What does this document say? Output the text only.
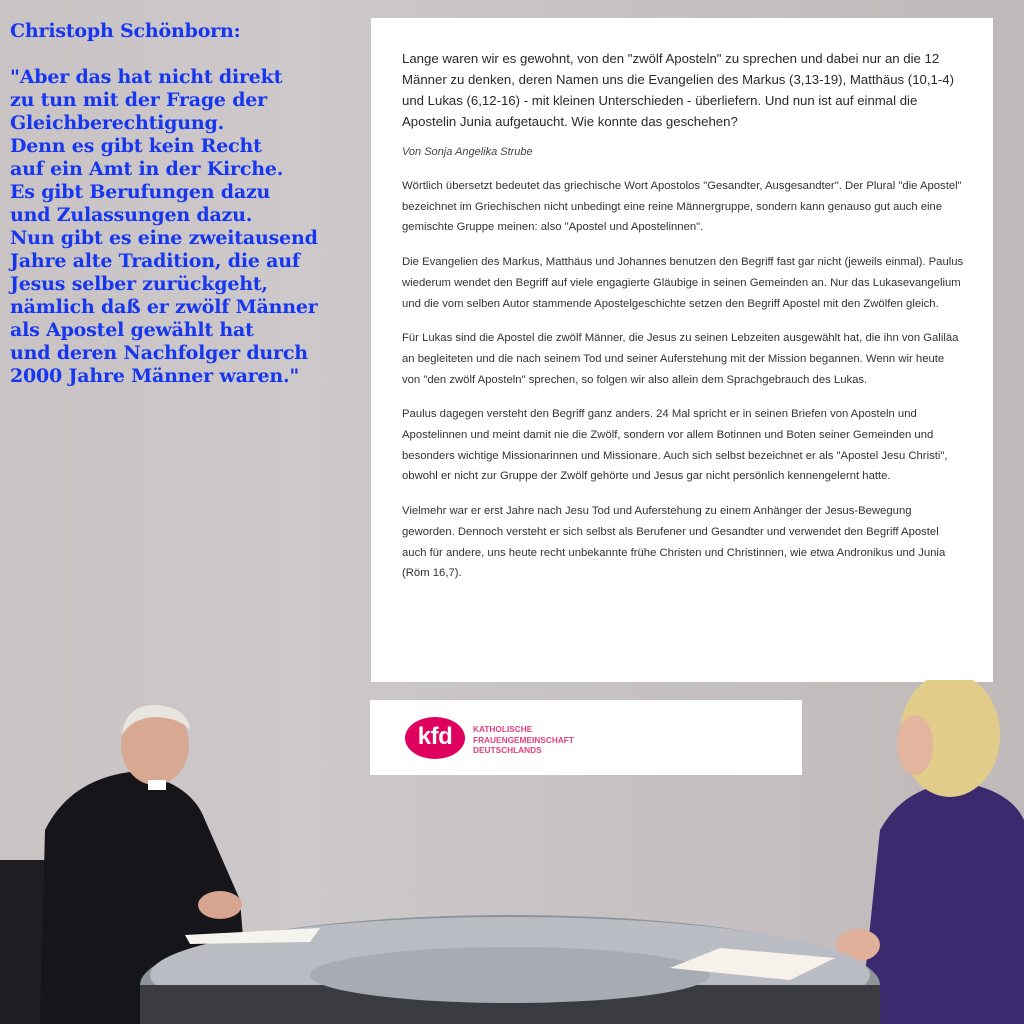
Christoph Schönborn:
"Aber das hat nicht direkt
zu tun mit der Frage der
Gleichberechtigung.
Denn es gibt kein Recht
auf ein Amt in der Kirche.
Es gibt Berufungen dazu
und Zulassungen dazu.
Nun gibt es eine zweitausend
Jahre alte Tradition, die auf
Jesus selber zurückgeht,
nämlich daß er zwölf Männer
als Apostel gewählt hat
und deren Nachfolger durch
2000 Jahre Männer waren."

Lange waren wir es gewohnt, von den "zwölf Aposteln" zu sprechen und dabei nur an die 12 Männer zu denken, deren Namen uns die Evangelien des Markus (3,13-19), Matthäus (10,1-4) und Lukas (6,12-16) - mit kleinen Unterschieden - überliefern. Und nun ist auf einmal die Apostelin Junia aufgetaucht. Wie konnte das geschehen?

Von Sonja Angelika Strube

Wörtlich übersetzt bedeutet das griechische Wort Apostolos "Gesandter, Ausgesandter". Der Plural "die Apostel" bezeichnet im Griechischen nicht unbedingt eine reine Männergruppe, sondern kann genauso gut auch eine gemischte Gruppe meinen: also "Apostel und Apostelinnen".

Die Evangelien des Markus, Matthäus und Johannes benutzen den Begriff fast gar nicht (jeweils einmal). Paulus wiederum wendet den Begriff auf viele engagierte Gläubige in seinen Gemeinden an. Nur das Lukasevangelium und die vom selben Autor stammende Apostelgeschichte setzen den Begriff Apostel mit den Zwölfen gleich.

Für Lukas sind die Apostel die zwölf Männer, die Jesus zu seinen Lebzeiten ausgewählt hat, die ihn von Galiläa an begleiteten und die nach seinem Tod und seiner Auferstehung mit der Mission begannen. Wenn wir heute von "den zwölf Aposteln" sprechen, so folgen wir also allein dem Sprachgebrauch des Lukas.

Paulus dagegen versteht den Begriff ganz anders. 24 Mal spricht er in seinen Briefen von Aposteln und Apostelinnen und meint damit nie die Zwölf, sondern vor allem Botinnen und Boten seiner Gemeinden und besonders wichtige Missionarinnen und Missionare. Auch sich selbst bezeichnet er als "Apostel Jesu Christi", obwohl er nicht zur Gruppe der Zwölf gehörte und Jesus gar nicht persönlich kennengelernt hatte.

Vielmehr war er erst Jahre nach Jesu Tod und Auferstehung zu einem Anhänger der Jesus-Bewegung geworden. Dennoch versteht er sich selbst als Berufener und Gesandter und verwendet den Begriff Apostel auch für andere, uns heute recht unbekannte frühe Christen und Christinnen, wie etwa Andronikus und Junia (Röm 16,7).

kfd	KATHOLISCHE
FRAUENGEMEINSCHAFT
DEUTSCHLANDS
